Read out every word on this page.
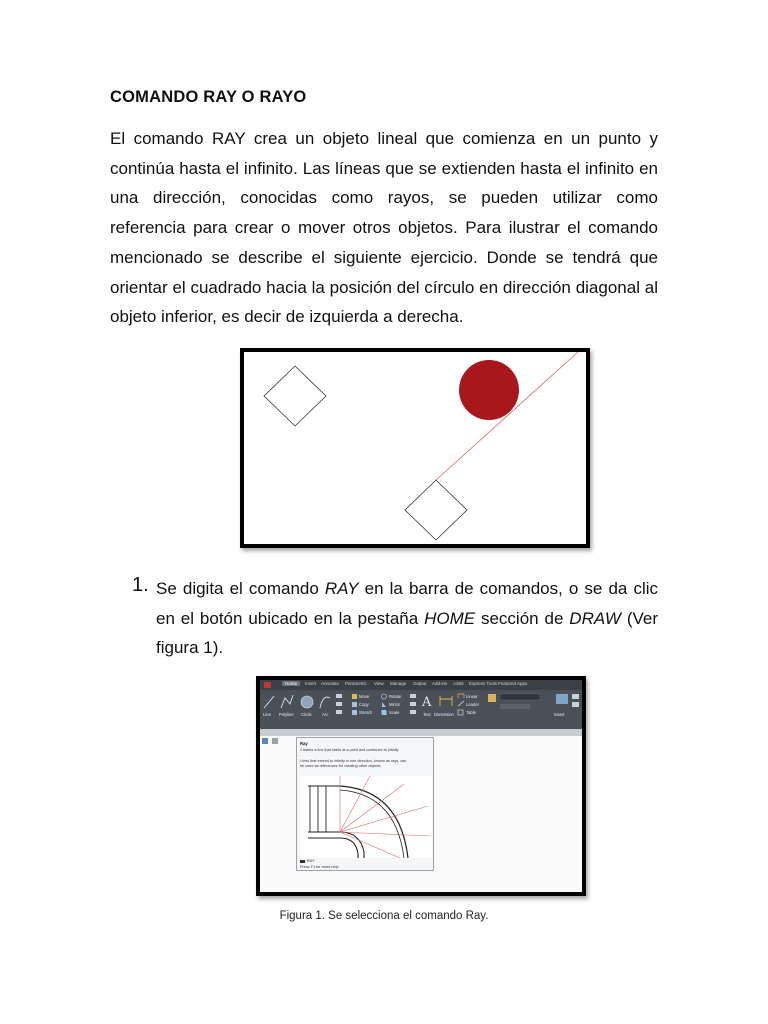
COMANDO RAY O RAYO

El comando RAY crea un objeto lineal que comienza en un punto y continúa hasta el infinito. Las líneas que se extienden hasta el infinito en una dirección, conocidas como rayos, se pueden utilizar como referencia para crear o mover otros objetos. Para ilustrar el comando mencionado se describe el siguiente ejercicio. Donde se tendrá que orientar el cuadrado hacia la posición del círculo en dirección diagonal al objeto inferior, es decir de izquierda a derecha.

1. Se digita el comando RAY en la barra de comandos, o se da clic en el botón ubicado en la pestaña HOME sección de DRAW (Ver figura 1).

Home	Insert Annotate Parametric View Manage Output Add-ins A360 Express Tools Featured Apps
A
Line Polyline Circle Arc
Move	Rotate
Copy	Mirror
Stretch	Scale	Text Dimension
Linear
Leader
Table	Insert
Ray
Creates a line that starts at a point and continues to infinity
Lines that extend to infinity in one direction, known as rays, can
be used as references for creating other objects.
RAY
Press F1 for more help

Figura 1. Se selecciona el comando Ray.
